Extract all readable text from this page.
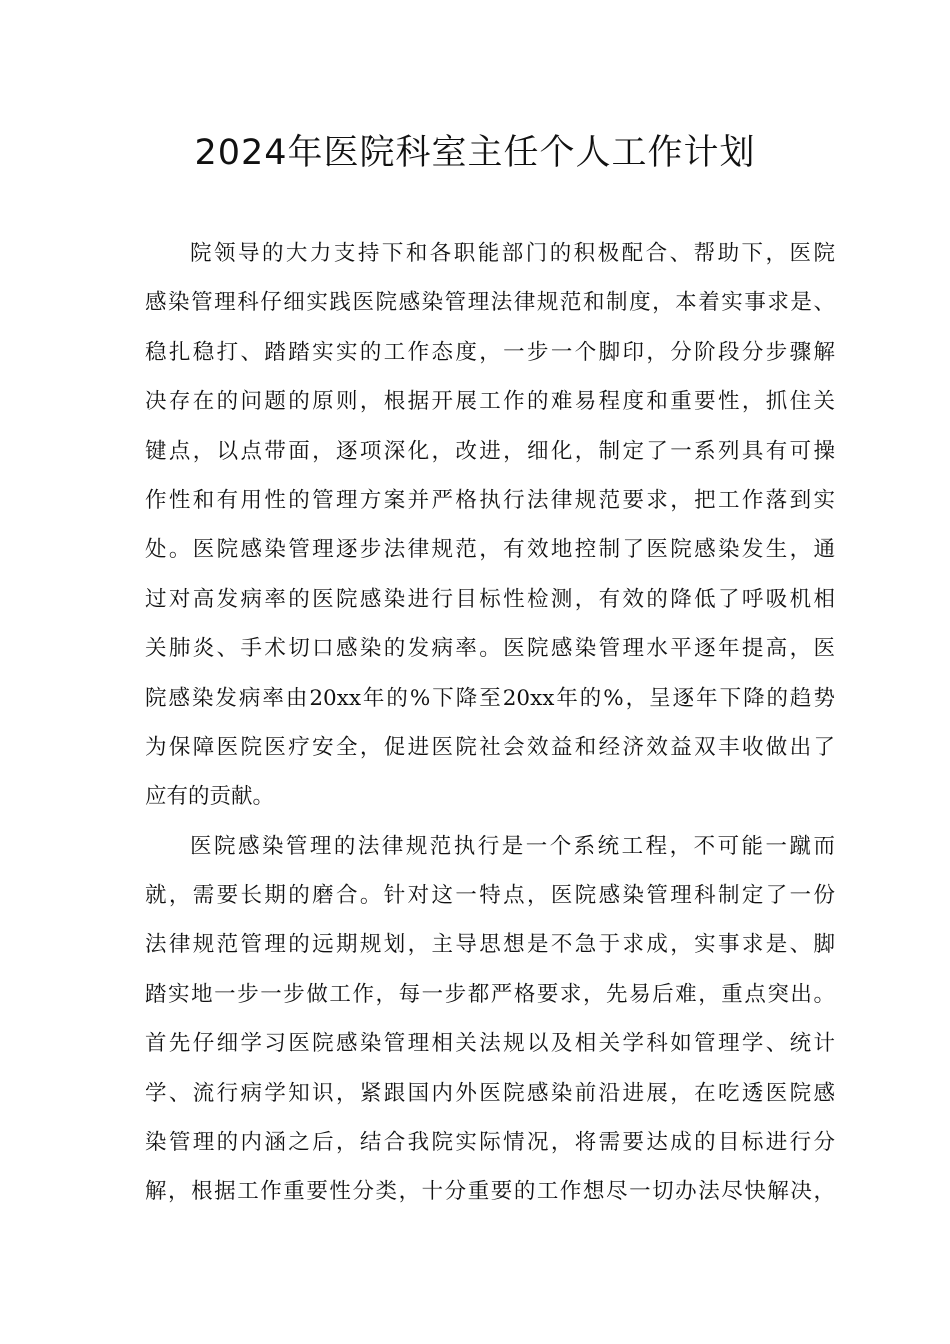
2024年医院科室主任个人工作计划
院领导的大力支持下和各职能部门的积极配合、帮助下，医院
感染管理科仔细实践医院感染管理法律规范和制度，本着实事求是、
稳扎稳打、踏踏实实的工作态度，一步一个脚印，分阶段分步骤解
决存在的问题的原则，根据开展工作的难易程度和重要性，抓住关
键点，以点带面，逐项深化，改进，细化，制定了一系列具有可操
作性和有用性的管理方案并严格执行法律规范要求，把工作落到实
处。医院感染管理逐步法律规范，有效地控制了医院感染发生，通
过对高发病率的医院感染进行目标性检测，有效的降低了呼吸机相
关肺炎、手术切口感染的发病率。医院感染管理水平逐年提高，医
院感染发病率由20xx年的%下降至20xx年的%，呈逐年下降的趋势
为保障医院医疗安全，促进医院社会效益和经济效益双丰收做出了
应有的贡献。
医院感染管理的法律规范执行是一个系统工程，不可能一蹴而
就，需要长期的磨合。针对这一特点，医院感染管理科制定了一份
法律规范管理的远期规划，主导思想是不急于求成，实事求是、脚
踏实地一步一步做工作，每一步都严格要求，先易后难，重点突出。
首先仔细学习医院感染管理相关法规以及相关学科如管理学、统计
学、流行病学知识，紧跟国内外医院感染前沿进展，在吃透医院感
染管理的内涵之后，结合我院实际情况，将需要达成的目标进行分
解，根据工作重要性分类，十分重要的工作想尽一切办法尽快解决，
